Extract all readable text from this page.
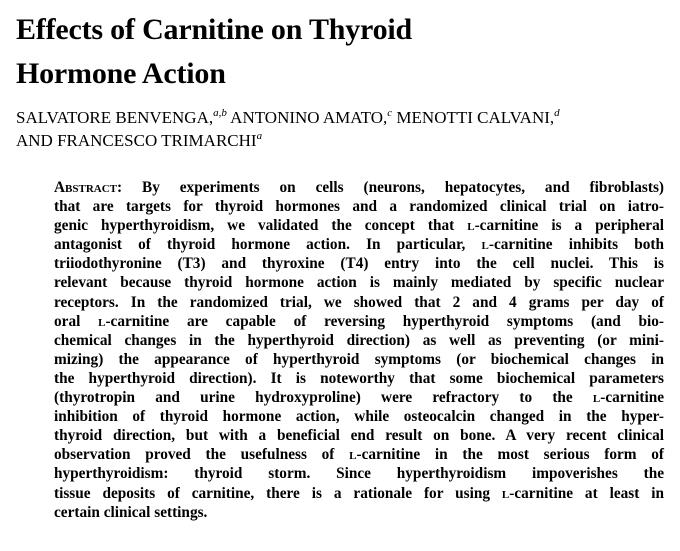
Effects of Carnitine on Thyroid
Hormone Action

SALVATORE BENVENGA,$^{a,b}$ ANTONINO AMATO,$^c$ MENOTTI CALVANI,$^d$
AND FRANCESCO TRIMARCHI$^a$

Abstract: By experiments on cells (neurons, hepatocytes, and fibroblasts)
that are targets for thyroid hormones and a randomized clinical trial on iatro-
genic hyperthyroidism, we validated the concept that l-carnitine is a peripheral
antagonist of thyroid hormone action. In particular, l-carnitine inhibits both
triiodothyronine (T3) and thyroxine (T4) entry into the cell nuclei. This is
relevant because thyroid hormone action is mainly mediated by specific nuclear
receptors. In the randomized trial, we showed that 2 and 4 grams per day of
oral l-carnitine are capable of reversing hyperthyroid symptoms (and bio-
chemical changes in the hyperthyroid direction) as well as preventing (or mini-
mizing) the appearance of hyperthyroid symptoms (or biochemical changes in
the hyperthyroid direction). It is noteworthy that some biochemical parameters
(thyrotropin and urine hydroxyproline) were refractory to the l-carnitine
inhibition of thyroid hormone action, while osteocalcin changed in the hyper-
thyroid direction, but with a beneficial end result on bone. A very recent clinical
observation proved the usefulness of l-carnitine in the most serious form of
hyperthyroidism: thyroid storm. Since hyperthyroidism impoverishes the
tissue deposits of carnitine, there is a rationale for using l-carnitine at least in
certain clinical settings.
